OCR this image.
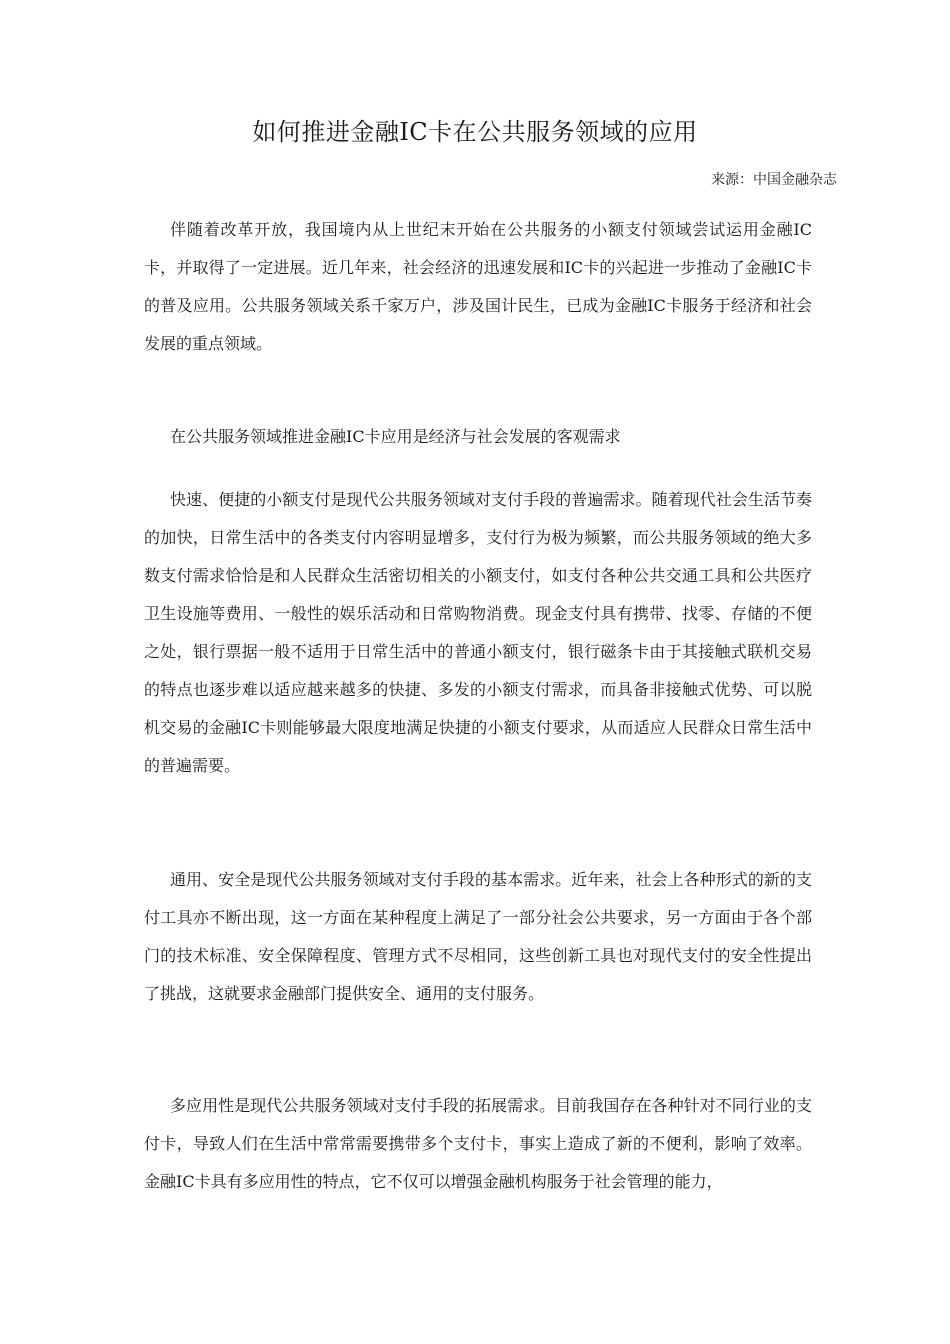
如何推进金融IC卡在公共服务领域的应用
来源：中国金融杂志

伴随着改革开放，我国境内从上世纪末开始在公共服务的小额支付领域尝试运用金融IC卡，并取得了一定进展。近几年来，社会经济的迅速发展和IC卡的兴起进一步推动了金融IC卡的普及应用。公共服务领域关系千家万户，涉及国计民生，已成为金融IC卡服务于经济和社会发展的重点领域。

在公共服务领域推进金融IC卡应用是经济与社会发展的客观需求

快速、便捷的小额支付是现代公共服务领域对支付手段的普遍需求。随着现代社会生活节奏的加快，日常生活中的各类支付内容明显增多，支付行为极为频繁，而公共服务领域的绝大多数支付需求恰恰是和人民群众生活密切相关的小额支付，如支付各种公共交通工具和公共医疗卫生设施等费用、一般性的娱乐活动和日常购物消费。现金支付具有携带、找零、存储的不便之处，银行票据一般不适用于日常生活中的普通小额支付，银行磁条卡由于其接触式联机交易的特点也逐步难以适应越来越多的快捷、多发的小额支付需求，而具备非接触式优势、可以脱机交易的金融IC卡则能够最大限度地满足快捷的小额支付要求，从而适应人民群众日常生活中的普遍需要。

通用、安全是现代公共服务领域对支付手段的基本需求。近年来，社会上各种形式的新的支付工具亦不断出现，这一方面在某种程度上满足了一部分社会公共要求，另一方面由于各个部门的技术标准、安全保障程度、管理方式不尽相同，这些创新工具也对现代支付的安全性提出了挑战，这就要求金融部门提供安全、通用的支付服务。

多应用性是现代公共服务领域对支付手段的拓展需求。目前我国存在各种针对不同行业的支付卡，导致人们在生活中常常需要携带多个支付卡，事实上造成了新的不便利，影响了效率。金融IC卡具有多应用性的特点，它不仅可以增强金融机构服务于社会管理的能力，
